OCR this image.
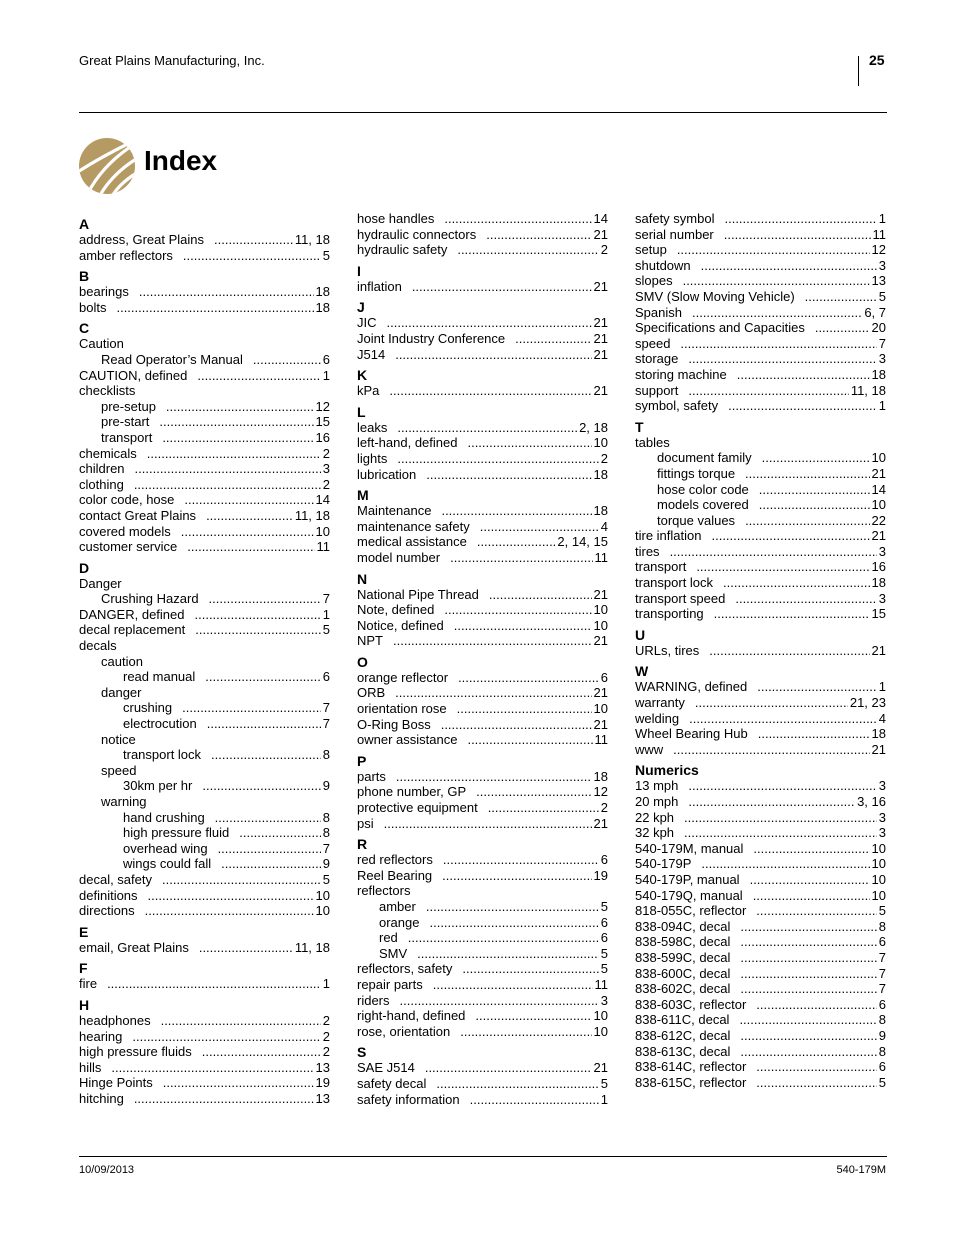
Great Plains Manufacturing, Inc.	25
Index
A
address, Great Plains .....	11, 18
amber reflectors .....	5
B
bearings .....	18
bolts .....	18
C
Caution
Read Operator’s Manual .....	6
CAUTION, defined .....	1
checklists
pre-setup .....	12
pre-start .....	15
transport .....	16
chemicals .....	2
children .....	3
clothing .....	2
color code, hose .....	14
contact Great Plains .....	11, 18
covered models .....	10
customer service .....	11
D
Danger
Crushing Hazard .....	7
DANGER, defined .....	1
decal replacement .....	5
decals
caution
read manual .....	6
danger
crushing .....	7
electrocution .....	7
notice
transport lock .....	8
speed
30km per hr .....	9
warning
hand crushing .....	8
high pressure fluid .....	8
overhead wing .....	7
wings could fall .....	9
decal, safety .....	5
definitions .....	10
directions .....	10
E
email, Great Plains .....	11, 18
F
fire .....	1
H
headphones .....	2
hearing .....	2
high pressure fluids .....	2
hills .....	13
Hinge Points .....	19
hitching .....	13
hose handles .....	14
hydraulic connectors .....	21
hydraulic safety .....	2
I
inflation .....	21
J
JIC .....	21
Joint Industry Conference .....	21
J514 .....	21
K
kPa .....	21
L
leaks .....	2, 18
left-hand, defined .....	10
lights .....	2
lubrication .....	18
M
Maintenance .....	18
maintenance safety .....	4
medical assistance .....	2, 14, 15
model number .....	11
N
National Pipe Thread .....	21
Note, defined .....	10
Notice, defined .....	10
NPT .....	21
O
orange reflector .....	6
ORB .....	21
orientation rose .....	10
O-Ring Boss .....	21
owner assistance .....	11
P
parts .....	18
phone number, GP .....	12
protective equipment .....	2
psi .....	21
R
red reflectors .....	6
Reel Bearing .....	19
reflectors
amber .....	5
orange .....	6
red .....	6
SMV .....	5
reflectors, safety .....	5
repair parts .....	11
riders .....	3
right-hand, defined .....	10
rose, orientation .....	10
S
SAE J514 .....	21
safety decal .....	5
safety information .....	1
safety symbol .....	1
serial number .....	11
setup .....	12
shutdown .....	3
slopes .....	13
SMV (Slow Moving Vehicle) .....	5
Spanish .....	6, 7
Specifications and Capacities .....	20
speed .....	7
storage .....	3
storing machine .....	18
support .....	11, 18
symbol, safety .....	1
T
tables
document family .....	10
fittings torque .....	21
hose color code .....	14
models covered .....	10
torque values .....	22
tire inflation .....	21
tires .....	3
transport .....	16
transport lock .....	18
transport speed .....	3
transporting .....	15
U
URLs, tires .....	21
W
WARNING, defined .....	1
warranty .....	21, 23
welding .....	4
Wheel Bearing Hub .....	18
www .....	21
Numerics
13 mph .....	3
20 mph .....	3, 16
22 kph .....	3
32 kph .....	3
540-179M, manual .....	10
540-179P .....	10
540-179P, manual .....	10
540-179Q, manual .....	10
818-055C, reflector .....	5
838-094C, decal .....	8
838-598C, decal .....	6
838-599C, decal .....	7
838-600C, decal .....	7
838-602C, decal .....	7
838-603C, reflector .....	6
838-611C, decal .....	8
838-612C, decal .....	9
838-613C, decal .....	8
838-614C, reflector .....	6
838-615C, reflector .....	5
10/09/2013	540-179M
